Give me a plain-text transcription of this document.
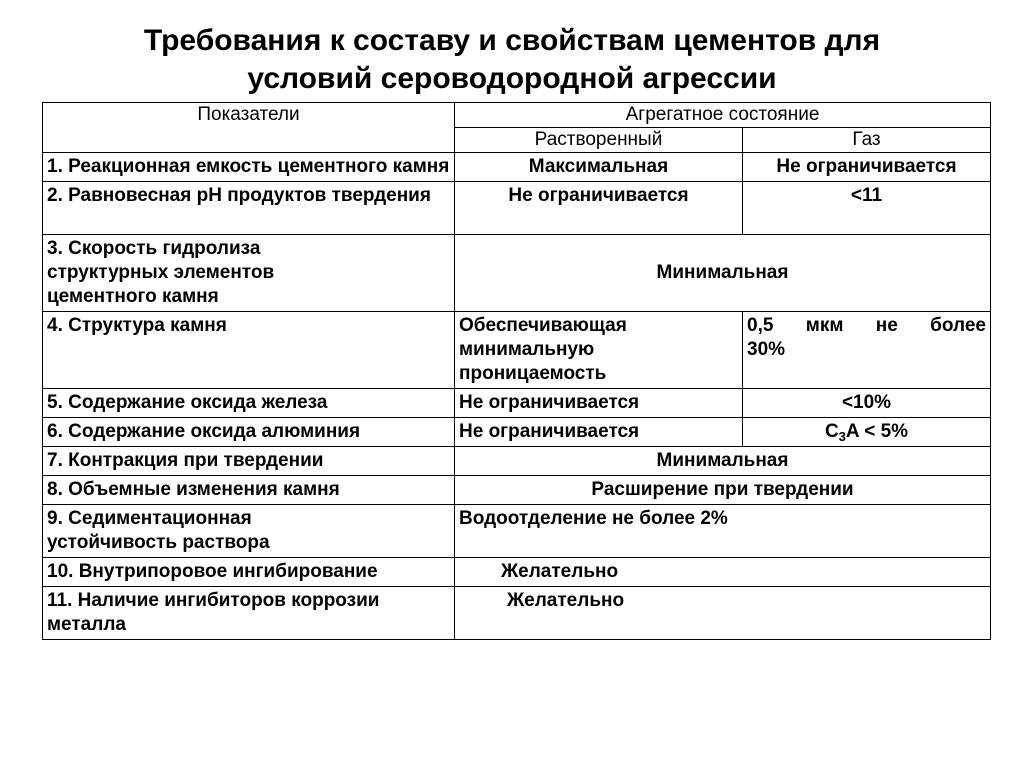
Требования к составу и свойствам цементов для
условий сероводородной агрессии
Показатели	Агрегатное состояние	
	Растворенный	Газ
1. Реакционная емкость цементного камня	Максимальная	Не ограничивается
2. Равновесная рН продуктов твердения	Не ограничивается	<11
3. Скорость гидролиза структурных элементов цементного камня	Минимальная	
4. Структура камня	Обеспечивающая минимальную проницаемость	0,5 мкм не более
30%

5. Содержание оксида железа	Не ограничивается	<10%
6. Содержание оксида алюминия	Не ограничивается	$C_3A < 5\%$
7. Контракция при твердении	Минимальная	
8. Объемные изменения камня	Расширение при твердении	
9. Седиментационная устойчивость раствора	Водоотделение не более 2%	
10. Внутрипоровое ингибирование	Желательно	
11. Наличие ингибиторов коррозии металла	Желательно	
